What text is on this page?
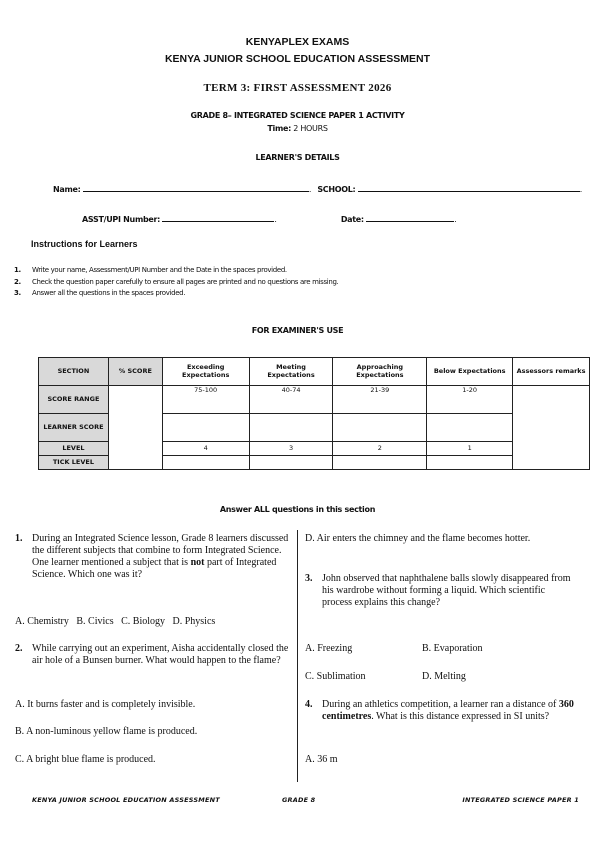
KENYAPLEX EXAMS
KENYA JUNIOR SCHOOL EDUCATION ASSESSMENT
TERM 3: FIRST ASSESSMENT 2026
GRADE 8– INTEGRATED SCIENCE PAPER 1 ACTIVITY
Time: 2 HOURS
LEARNER'S DETAILS
Name:	. SCHOOL:	.
ASST/UPI Number:	.	Date:	.
Instructions for Learners
1. Write your name, Assessment/UPI Number and the Date in the spaces provided.
2. Check the question paper carefully to ensure all pages are printed and no questions are missing.
3. Answer all the questions in the spaces provided.
FOR EXAMINER'S USE
SECTION	% SCORE	Exceeding Expectations	Meeting Expectations	Approaching Expectations	Below Expectations	Assessors remarks
SCORE RANGE		75-100	40-74	21-39	1-20	
LEARNER SCORE						
LEVEL		4	3	2	1	
TICK LEVEL						
Answer ALL questions in this section
1. During an Integrated Science lesson, Grade 8 learners discussed the different subjects that combine to form Integrated Science. One learner mentioned a subject that is not part of Integrated Science. Which one was it?
A. Chemistry   B. Civics   C. Biology   D. Physics
2. While carrying out an experiment, Aisha accidentally closed the air hole of a Bunsen burner. What would happen to the flame?
A. It burns faster and is completely invisible.
B. A non-luminous yellow flame is produced.
C. A bright blue flame is produced.
D. Air enters the chimney and the flame becomes hotter.
3. John observed that naphthalene balls slowly disappeared from his wardrobe without forming a liquid. Which scientific process explains this change?
A. Freezing	B. Evaporation
C. Sublimation	D. Melting
4. During an athletics competition, a learner ran a distance of 360 centimetres. What is this distance expressed in SI units?
A. 36 m
KENYA JUNIOR SCHOOL EDUCATION ASSESSMENT	GRADE 8	INTEGRATED SCIENCE PAPER 1
